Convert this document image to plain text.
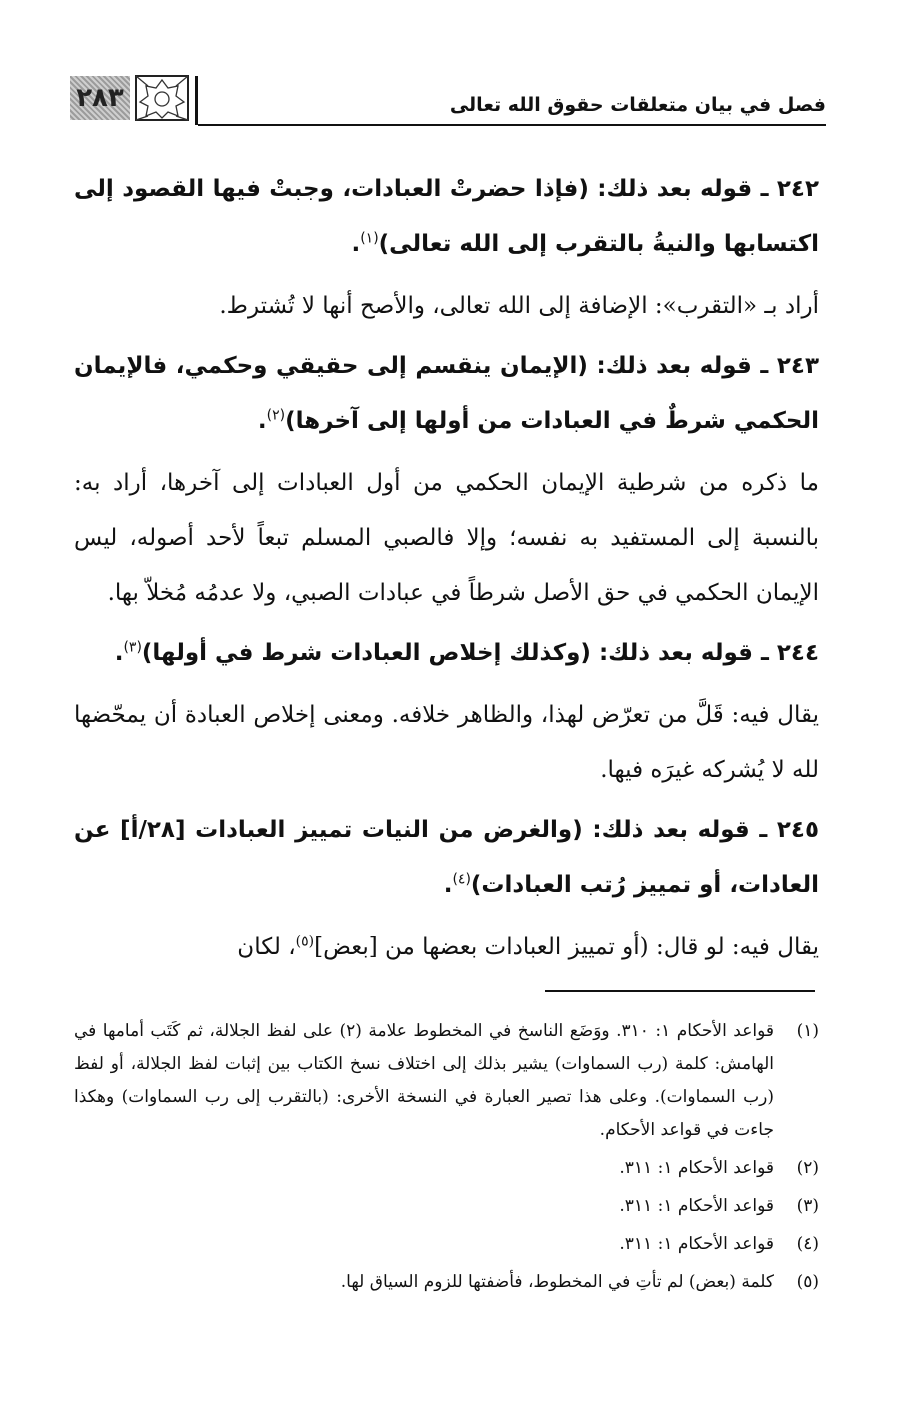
٢٨٣	فصل في بيان متعلقات حقوق الله تعالى

٢٤٢ ـ قوله بعد ذلك: (فإذا حضرتْ العبادات، وجبتْ فيها القصود إلى اكتسابها والنيةُ بالتقرب إلى الله تعالى)$^{(١)}$.

أراد بـ «التقرب»: الإضافة إلى الله تعالى، والأصح أنها لا تُشترط.

٢٤٣ ـ قوله بعد ذلك: (الإيمان ينقسم إلى حقيقي وحكمي، فالإيمان الحكمي شرطٌ في العبادات من أولها إلى آخرها)$^{(٢)}$.

ما ذكره من شرطية الإيمان الحكمي من أول العبادات إلى آخرها، أراد به: بالنسبة إلى المستفيد به نفسه؛ وإلا فالصبي المسلم تبعاً لأحد أصوله، ليس الإيمان الحكمي في حق الأصل شرطاً في عبادات الصبي، ولا عدمُه مُخلاّ بها.

٢٤٤ ـ قوله بعد ذلك: (وكذلك إخلاص العبادات شرط في أولها)$^{(٣)}$.

يقال فيه: قَلَّ من تعرّض لهذا، والظاهر خلافه. ومعنى إخلاص العبادة أن يمحّضها لله لا يُشركه غيرَه فيها.

٢٤٥ ـ قوله بعد ذلك: (والغرض من النيات تمييز العبادات [٢٨/أ] عن العادات، أو تمييز رُتب العبادات)$^{(٤)}$.

يقال فيه: لو قال: (أو تمييز العبادات بعضها من [بعض]$^{(٥)}$، لكان

(١)
قواعد الأحكام ١: ٣١٠. ووَضَع الناسخ في المخطوط علامة (٢) على لفظ الجلالة، ثم كَتَب أمامها في الهامش: كلمة (رب السماوات) يشير بذلك إلى اختلاف نسخ الكتاب بين إثبات لفظ الجلالة، أو لفظ (رب السماوات). وعلى هذا تصير العبارة في النسخة الأخرى: (بالتقرب إلى رب السماوات) وهكذا جاءت في قواعد الأحكام.
(٢)
قواعد الأحكام ١: ٣١١.
(٣)
قواعد الأحكام ١: ٣١١.
(٤)
قواعد الأحكام ١: ٣١١.
(٥)
كلمة (بعض) لم تأتِ في المخطوط، فأضفتها للزوم السياق لها.
